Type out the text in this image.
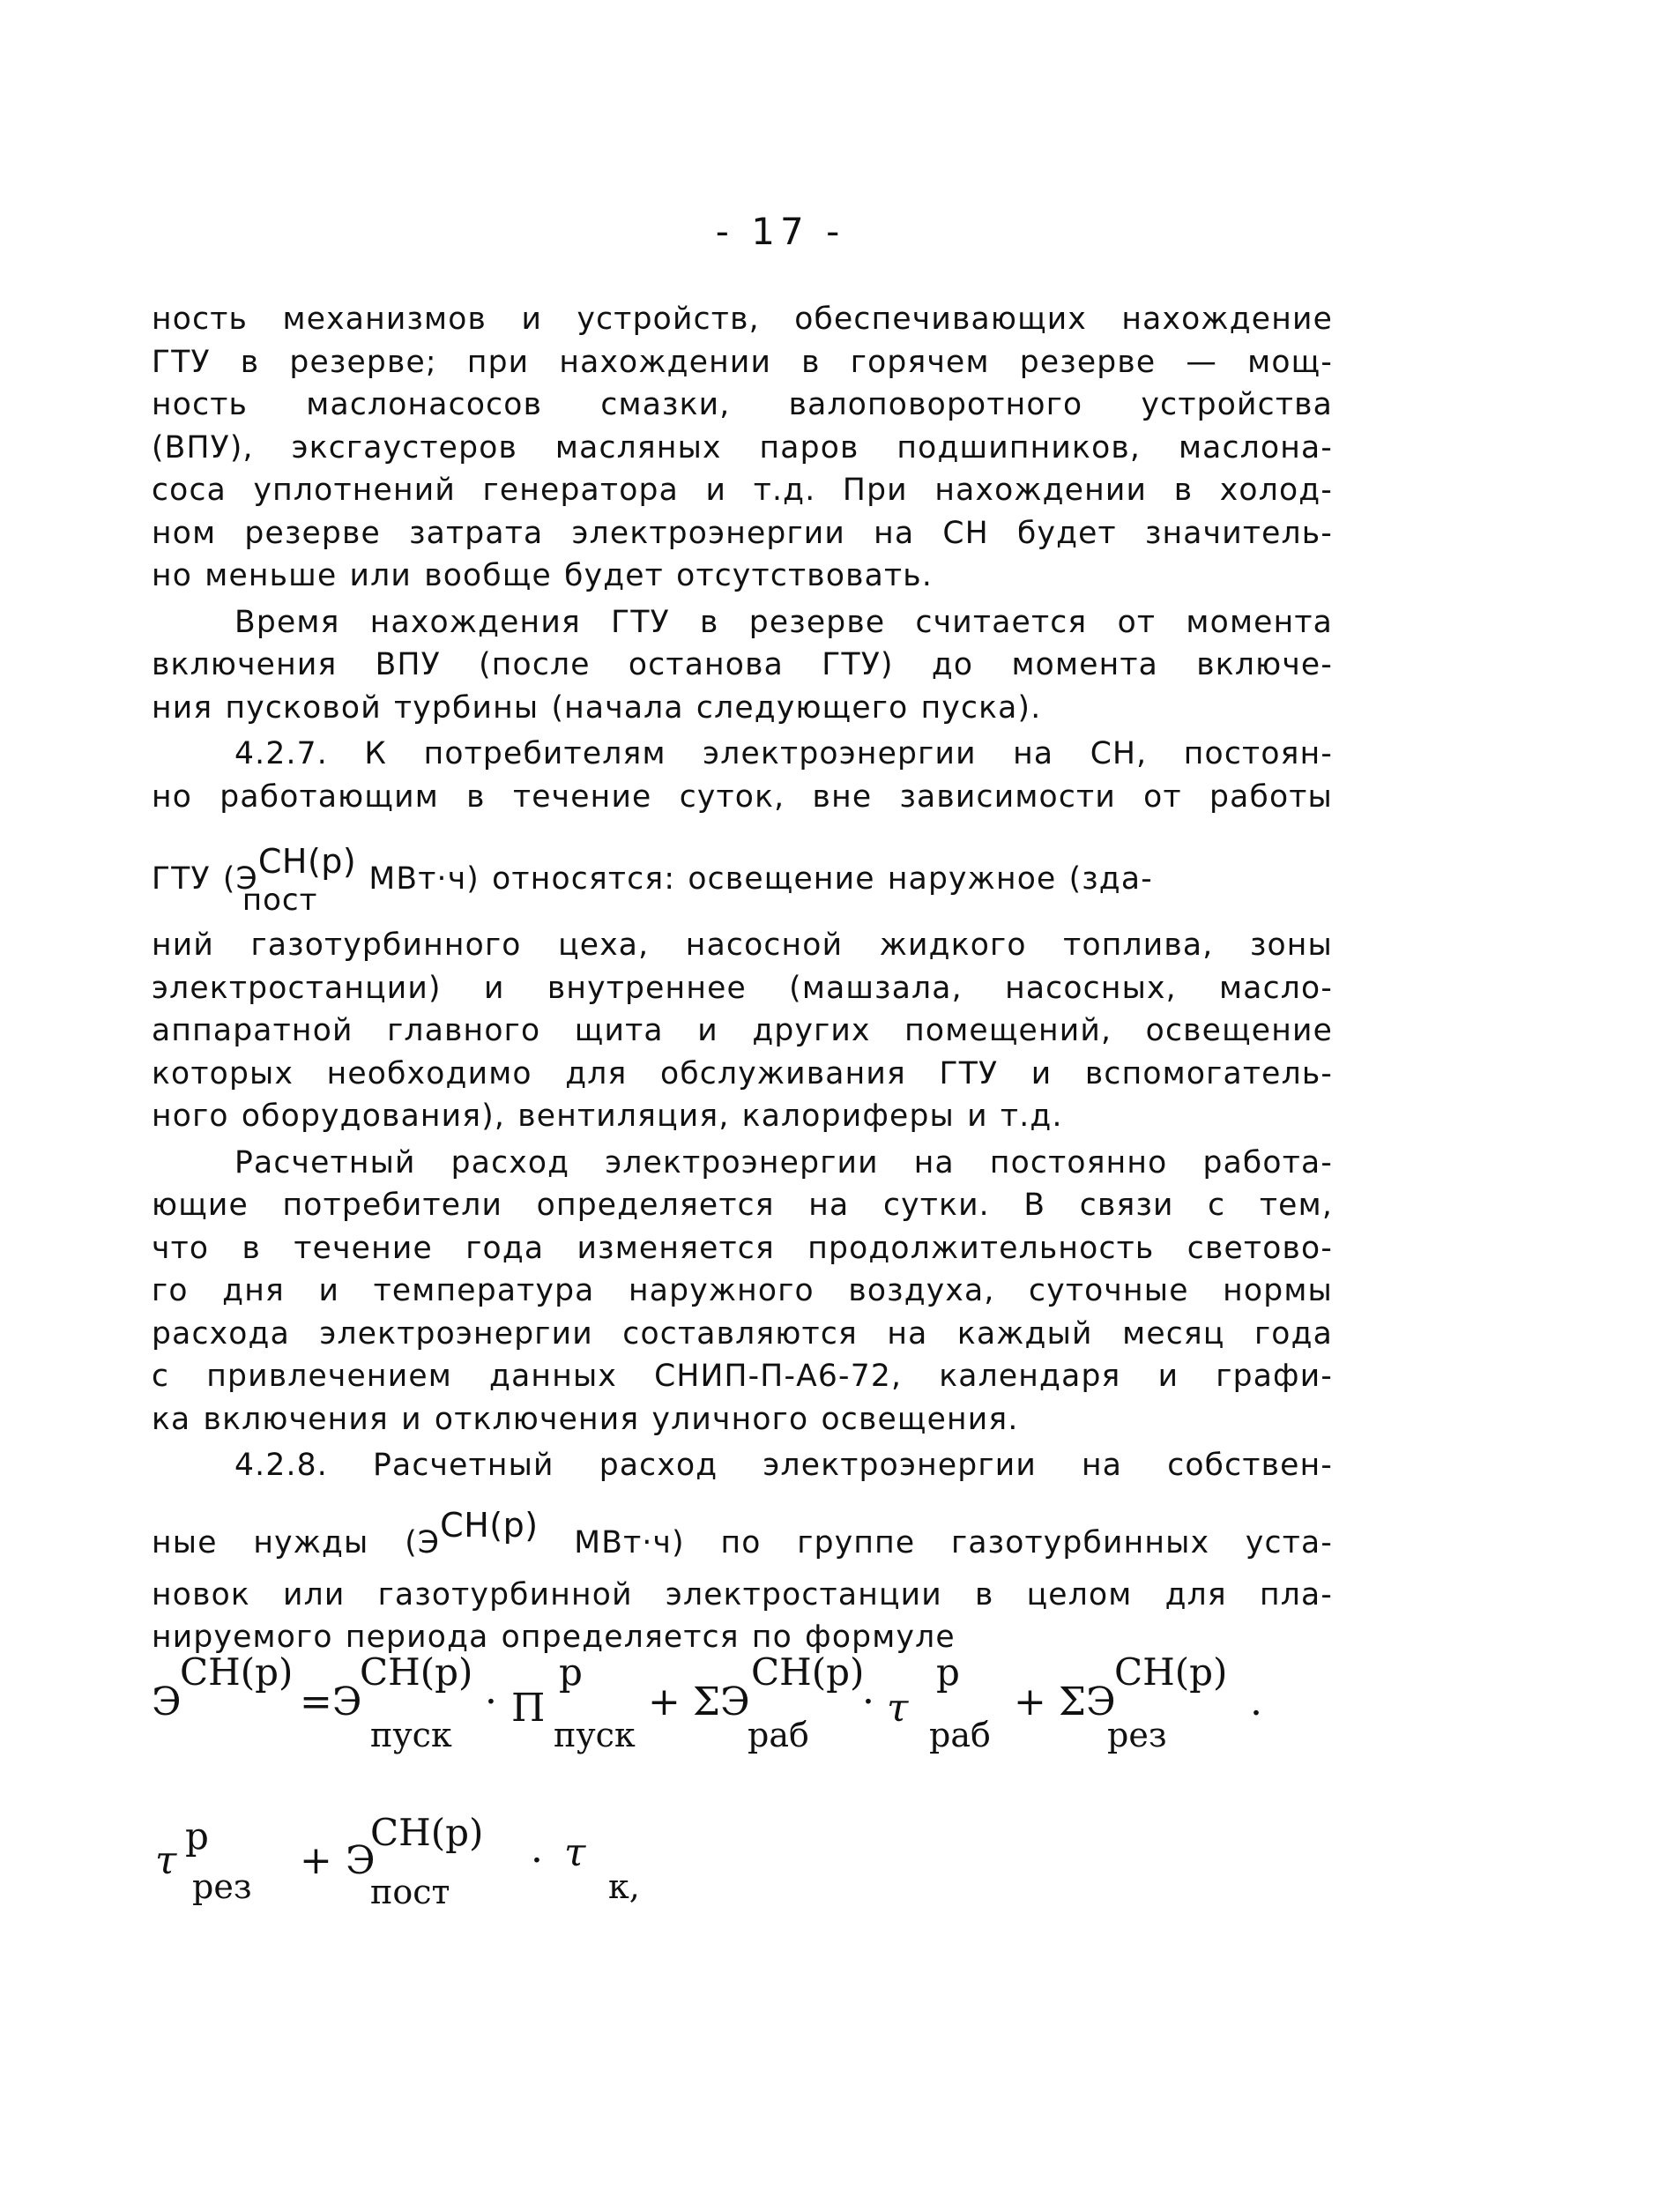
- 17 -

ность механизмов и устройств, обеспечивающих нахождение

ГТУ в резерве; при нахождении в горячем резерве — мощ-

ность маслонасосов смазки, валоповоротного устройства

(ВПУ), эксгаустеров масляных паров подшипников, маслона-

соса уплотнений генератора и т.д. При нахождении в холод-

ном резерве затрата электроэнергии на СН будет значитель-

но меньше или вообще будет отсутствовать.

Время нахождения ГТУ в резерве считается от момента

включения ВПУ (после останова ГТУ) до момента включе-

ния пусковой турбины (начала следующего пуска).

4.2.7. К потребителям электроэнергии на СН, постоян-

но работающим в течение суток, вне зависимости от работы

ГТУ (ЭСН(р)
пост
МВт·ч) относятся: освещение наружное (зда-

ний газотурбинного цеха, насосной жидкого топлива, зоны

электростанции) и внутреннее (машзала, насосных, масло-

аппаратной главного щита и других помещений, освещение

которых необходимо для обслуживания ГТУ и вспомогатель-

ного оборудования), вентиляция, калориферы и т.д.

Расчетный расход электроэнергии на постоянно работа-

ющие потребители определяется на сутки. В связи с тем,

что в течение года изменяется продолжительность светово-

го дня и температура наружного воздуха, суточные нормы

расхода электроэнергии составляются на каждый месяц года

с привлечением данных СНИП-П-А6-72, календаря и графи-

ка включения и отключения уличного освещения.

4.2.8. Расчетный расход электроэнергии на собствен-

ные нужды (ЭСН(р) МВт·ч) по группе газотурбинных уста-

новок или газотурбинной электростанции в целом для пла-

нируемого периода определяется по формуле

Э
СН(р)
=Э
СН(р)
пуск
· П
р
пуск
+ ΣЭ
СН(р)
раб
· τ
р
раб
+ ΣЭ
СН(р)
рез
.
τ
р
рез
+ Э
СН(р)
пост
· τ
к,
